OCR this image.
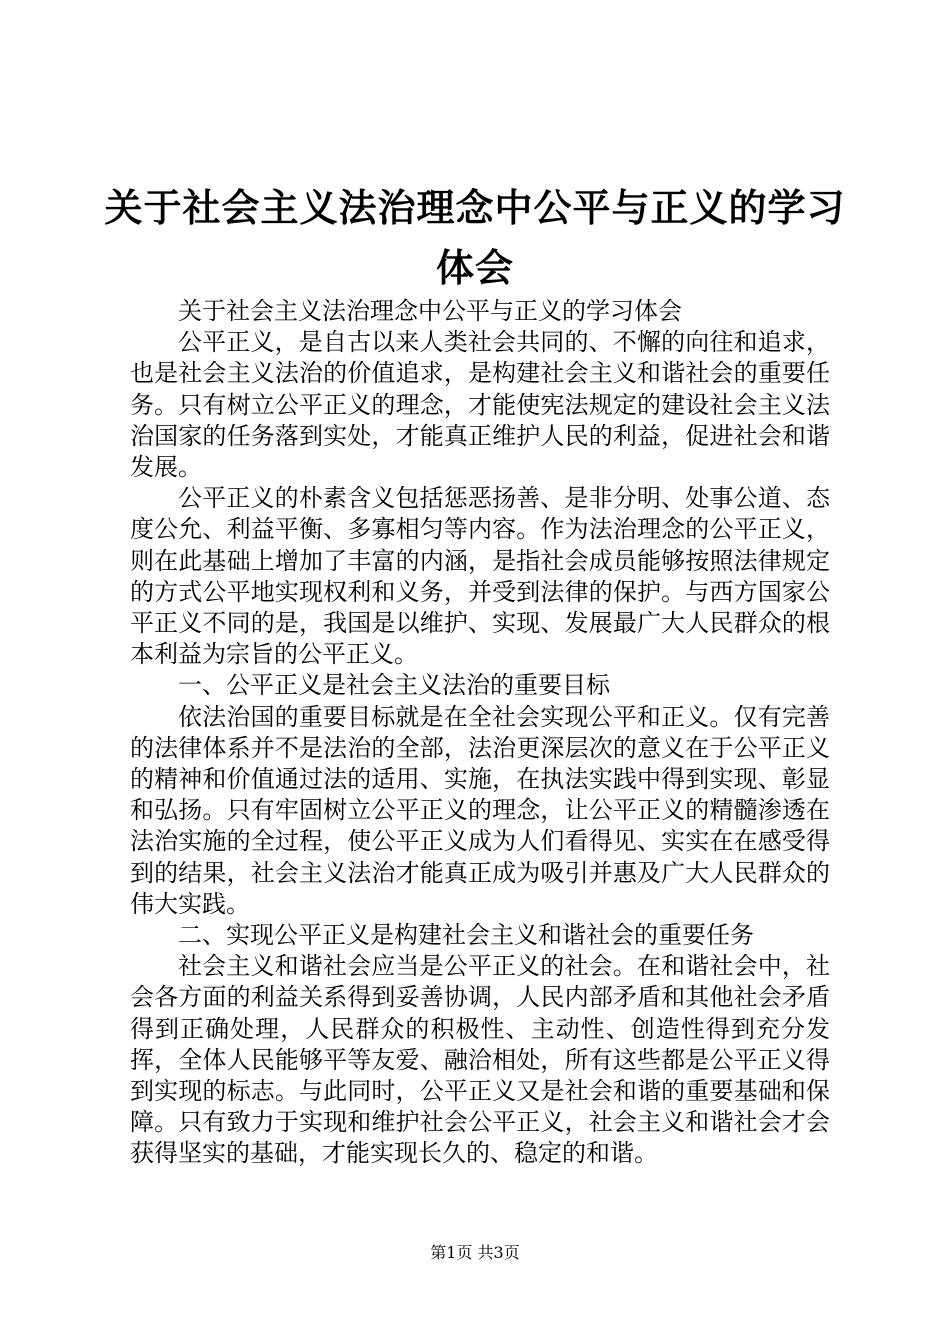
关于社会主义法治理念中公平与正义的学习体会

关于社会主义法治理念中公平与正义的学习体会

公平正义，是自古以来人类社会共同的、不懈的向往和追求，也是社会主义法治的价值追求，是构建社会主义和谐社会的重要任务。只有树立公平正义的理念，才能使宪法规定的建设社会主义法治国家的任务落到实处，才能真正维护人民的利益，促进社会和谐发展。

公平正义的朴素含义包括惩恶扬善、是非分明、处事公道、态度公允、利益平衡、多寡相匀等内容。作为法治理念的公平正义，则在此基础上增加了丰富的内涵，是指社会成员能够按照法律规定的方式公平地实现权利和义务，并受到法律的保护。与西方国家公平正义不同的是，我国是以维护、实现、发展最广大人民群众的根本利益为宗旨的公平正义。

一、公平正义是社会主义法治的重要目标

依法治国的重要目标就是在全社会实现公平和正义。仅有完善的法律体系并不是法治的全部，法治更深层次的意义在于公平正义的精神和价值通过法的适用、实施，在执法实践中得到实现、彰显和弘扬。只有牢固树立公平正义的理念，让公平正义的精髓渗透在法治实施的全过程，使公平正义成为人们看得见、实实在在感受得到的结果，社会主义法治才能真正成为吸引并惠及广大人民群众的伟大实践。

二、实现公平正义是构建社会主义和谐社会的重要任务

社会主义和谐社会应当是公平正义的社会。在和谐社会中，社会各方面的利益关系得到妥善协调，人民内部矛盾和其他社会矛盾得到正确处理，人民群众的积极性、主动性、创造性得到充分发挥，全体人民能够平等友爱、融洽相处，所有这些都是公平正义得到实现的标志。与此同时，公平正义又是社会和谐的重要基础和保障。只有致力于实现和维护社会公平正义，社会主义和谐社会才会获得坚实的基础，才能实现长久的、稳定的和谐。

第1页 共3页
